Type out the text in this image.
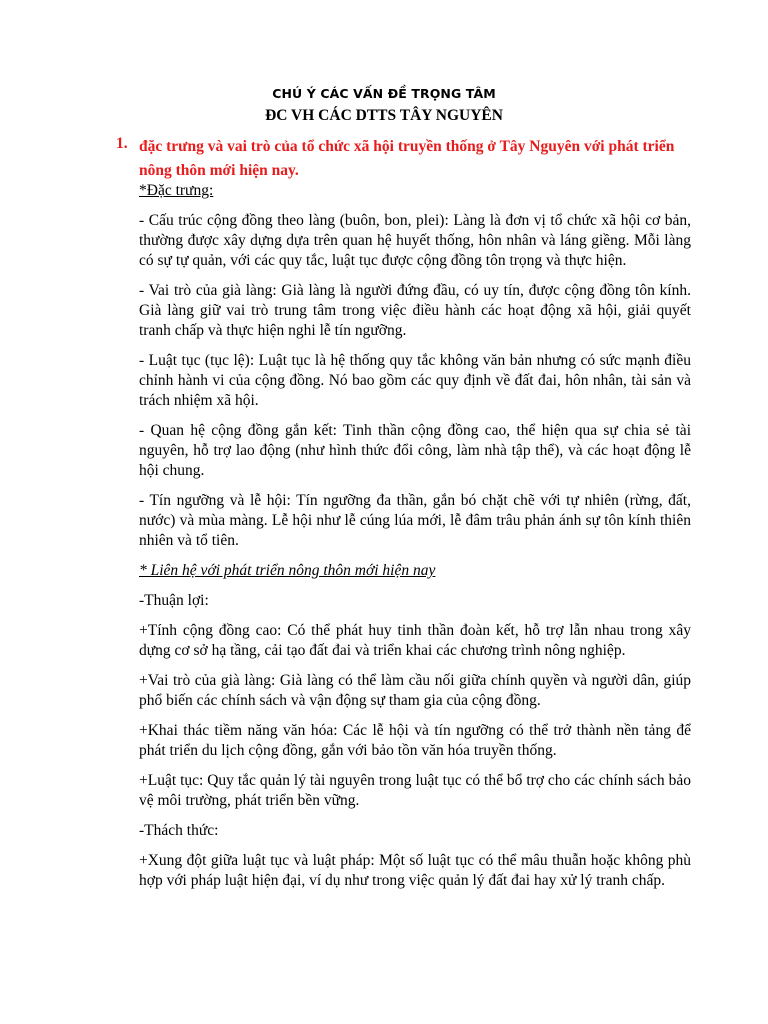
CHÚ Ý CÁC VẤN ĐỀ TRỌNG TÂM
ĐC VH CÁC DTTS TÂY NGUYÊN
1. đặc trưng và vai trò của tổ chức xã hội truyền thống ở Tây Nguyên với phát triển nông thôn mới hiện nay.

*Đặc trưng:

- Cấu trúc cộng đồng theo làng (buôn, bon, plei): Làng là đơn vị tổ chức xã hội cơ bản, thường được xây dựng dựa trên quan hệ huyết thống, hôn nhân và láng giềng. Mỗi làng có sự tự quản, với các quy tắc, luật tục được cộng đồng tôn trọng và thực hiện.

- Vai trò của già làng: Già làng là người đứng đầu, có uy tín, được cộng đồng tôn kính. Già làng giữ vai trò trung tâm trong việc điều hành các hoạt động xã hội, giải quyết tranh chấp và thực hiện nghi lễ tín ngưỡng.

- Luật tục (tục lệ): Luật tục là hệ thống quy tắc không văn bản nhưng có sức mạnh điều chỉnh hành vi của cộng đồng. Nó bao gồm các quy định về đất đai, hôn nhân, tài sản và trách nhiệm xã hội.

- Quan hệ cộng đồng gắn kết: Tinh thần cộng đồng cao, thể hiện qua sự chia sẻ tài nguyên, hỗ trợ lao động (như hình thức đổi công, làm nhà tập thể), và các hoạt động lễ hội chung.

- Tín ngưỡng và lễ hội: Tín ngưỡng đa thần, gắn bó chặt chẽ với tự nhiên (rừng, đất, nước) và mùa màng. Lễ hội như lễ cúng lúa mới, lễ đâm trâu phản ánh sự tôn kính thiên nhiên và tổ tiên.

* Liên hệ với phát triển nông thôn mới hiện nay

-Thuận lợi:

+Tính cộng đồng cao: Có thể phát huy tinh thần đoàn kết, hỗ trợ lẫn nhau trong xây dựng cơ sở hạ tầng, cải tạo đất đai và triển khai các chương trình nông nghiệp.

+Vai trò của già làng: Già làng có thể làm cầu nối giữa chính quyền và người dân, giúp phổ biến các chính sách và vận động sự tham gia của cộng đồng.

+Khai thác tiềm năng văn hóa: Các lễ hội và tín ngưỡng có thể trở thành nền tảng để phát triển du lịch cộng đồng, gắn với bảo tồn văn hóa truyền thống.

+Luật tục: Quy tắc quản lý tài nguyên trong luật tục có thể bổ trợ cho các chính sách bảo vệ môi trường, phát triển bền vững.

-Thách thức:

+Xung đột giữa luật tục và luật pháp: Một số luật tục có thể mâu thuẫn hoặc không phù hợp với pháp luật hiện đại, ví dụ như trong việc quản lý đất đai hay xử lý tranh chấp.
